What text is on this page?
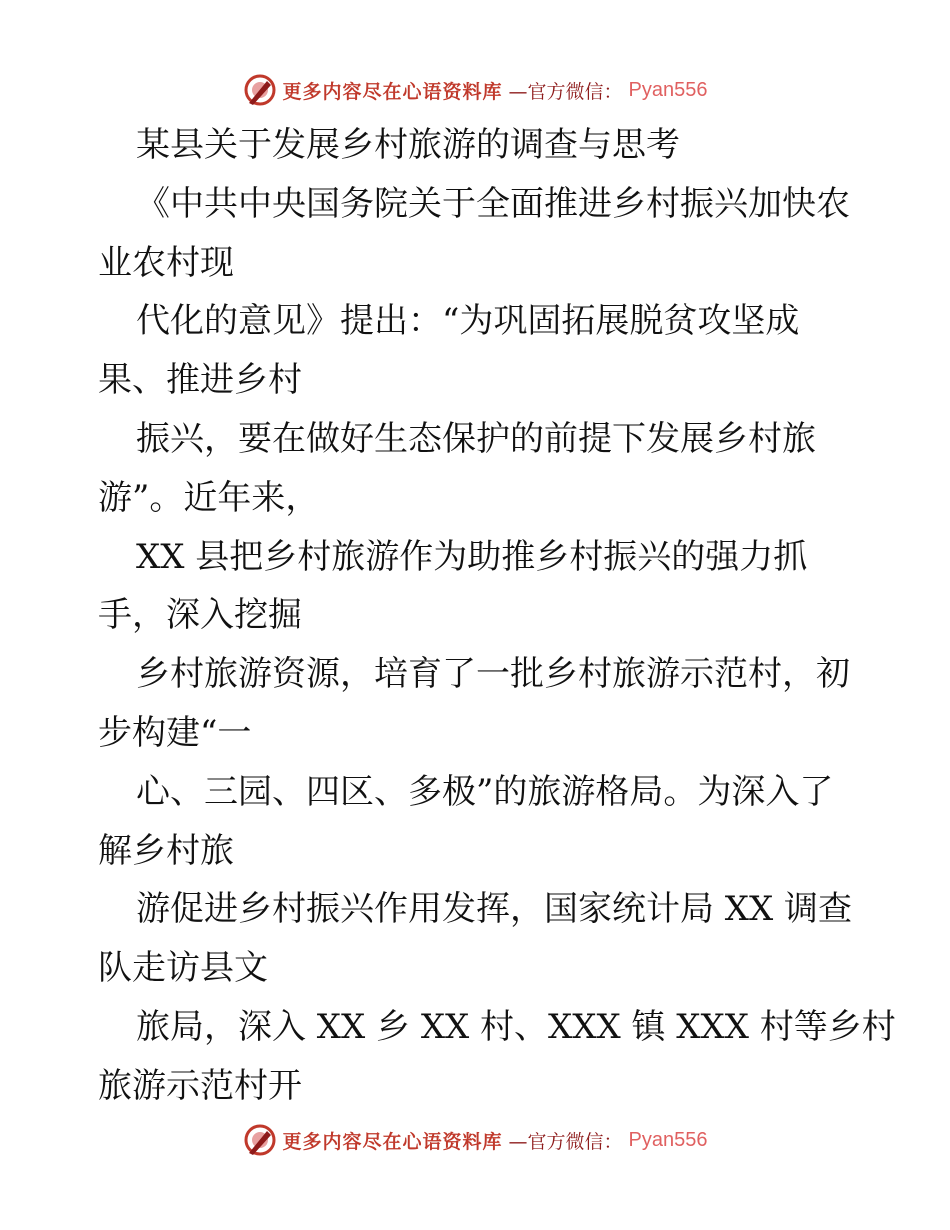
更多内容尽在心语资料库 —官方微信： Pyan556
某县关于发展乡村旅游的调查与思考
《中共中央国务院关于全面推进乡村振兴加快农
业农村现
代化的意见》提出：“为巩固拓展脱贫攻坚成
果、推进乡村
振兴，要在做好生态保护的前提下发展乡村旅
游”。近年来，
XX 县把乡村旅游作为助推乡村振兴的强力抓
手，深入挖掘
乡村旅游资源，培育了一批乡村旅游示范村，初
步构建“一
心、三园、四区、多极”的旅游格局。为深入了
解乡村旅
游促进乡村振兴作用发挥，国家统计局 XX 调查
队走访县文
旅局，深入 XX 乡 XX 村、XXX 镇 XXX 村等乡村
旅游示范村开
更多内容尽在心语资料库 —官方微信： Pyan556
